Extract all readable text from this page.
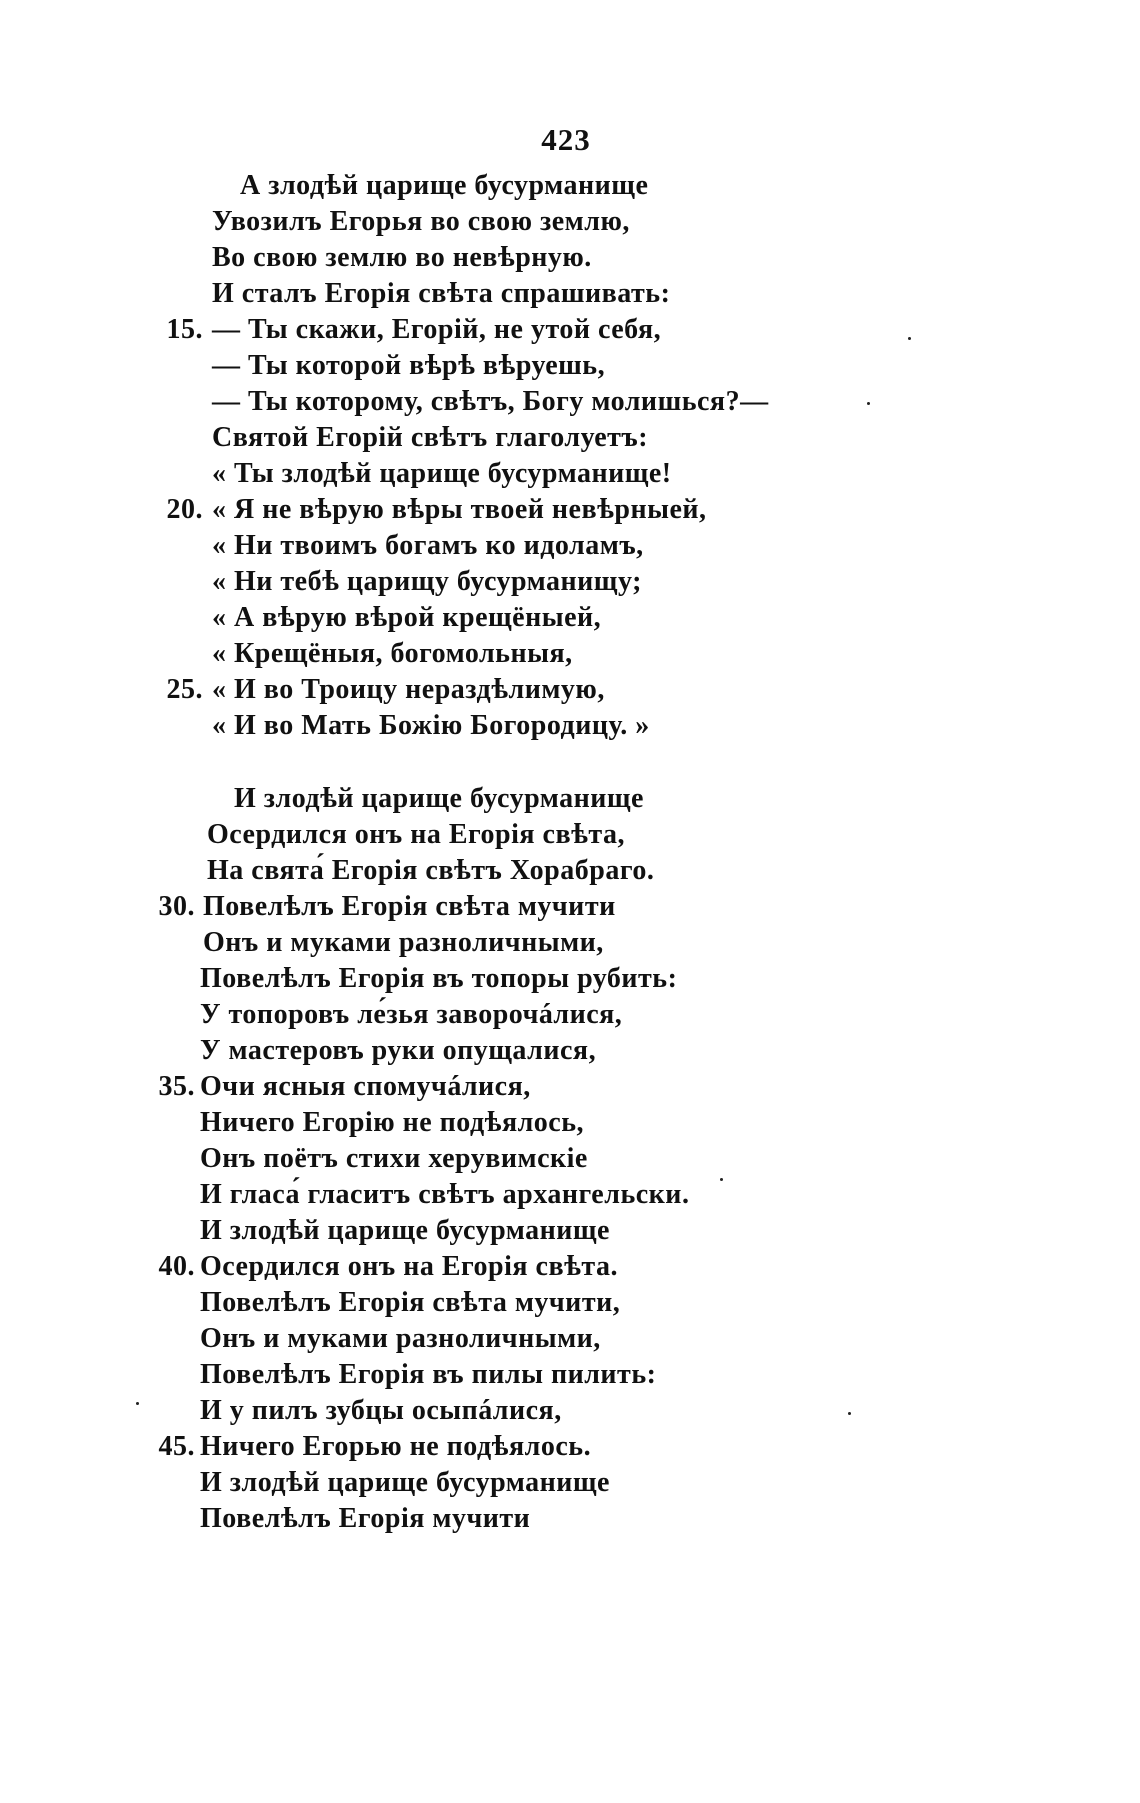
423
А злодѣй царище бусурманище
Увозилъ Егорья во свою землю,
Во свою землю во невѣрную.
И сталъ Егорія свѣта спрашивать:
15. — Ты скажи, Егорій, не утой себя,
— Ты которой вѣрѣ вѣруешь,
— Ты которому, свѣтъ, Богу молишься?—
Святой Егорій свѣтъ глаголуетъ:
« Ты злодѣй царище бусурманище!
20. « Я не вѣрую вѣры твоей невѣрныей,
« Ни твоимъ богамъ ко идоламъ,
« Ни тебѣ царищу бусурманищу;
« А вѣрую вѣрой крещёныей,
« Крещёныя, богомольныя,
25. « И во Троицу нераздѣлимую,
« И во Мать Божію Богородицу. »
И злодѣй царище бусурманище
Осердился онъ на Егорія свѣта,
На свята́ Егорія свѣтъ Хорабраго.
30. Повелѣлъ Егорія свѣта мучити
Онъ и муками разноличными,
Повелѣлъ Егорія въ топоры рубить:
У топоровъ ле́зья заворочáлися,
У мастеровъ руки опущалися,
35. Очи ясныя спомучáлися,
Ничего Егорію не подѣялось,
Онъ поётъ стихи херувимскіе
И гласа́ гласитъ свѣтъ архангельски.
И злодѣй царище бусурманище
40. Осердился онъ на Егорія свѣта.
Повелѣлъ Егорія свѣта мучити,
Онъ и муками разноличными,
Повелѣлъ Егорія въ пилы пилить:
И у пилъ зубцы осыпáлися,
45. Ничего Егорью не подѣялось.
И злодѣй царище бусурманище
Повелѣлъ Егорія мучити
